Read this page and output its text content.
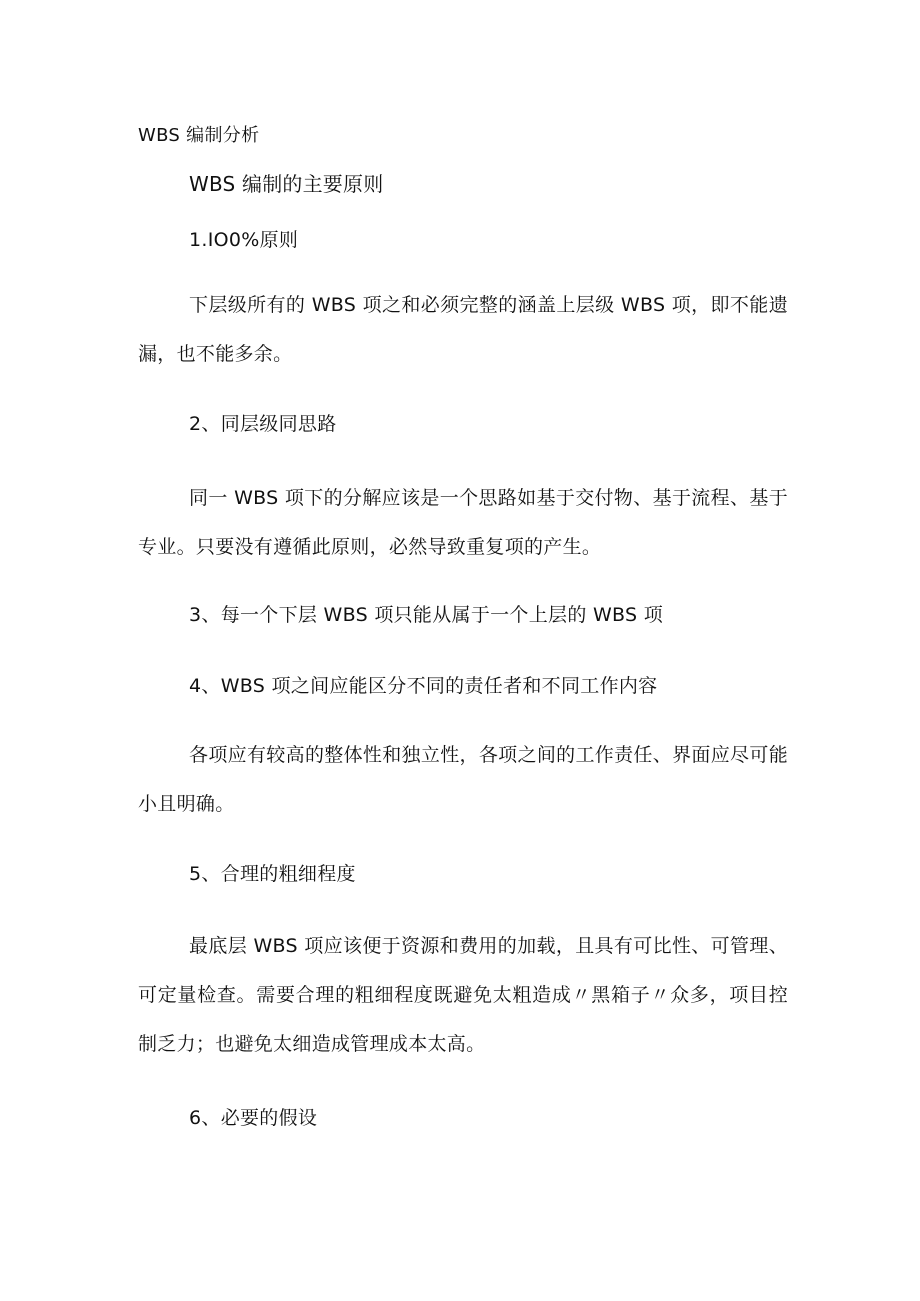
WBS 编制分析

WBS 编制的主要原则

1.IO0%原则

下层级所有的 WBS 项之和必须完整的涵盖上层级 WBS 项，即不能遗漏，也不能多余。

2、同层级同思路

同一 WBS 项下的分解应该是一个思路如基于交付物、基于流程、基于专业。只要没有遵循此原则，必然导致重复项的产生。

3、每一个下层 WBS 项只能从属于一个上层的 WBS 项

4、WBS 项之间应能区分不同的责任者和不同工作内容

各项应有较高的整体性和独立性，各项之间的工作责任、界面应尽可能小且明确。

5、合理的粗细程度

最底层 WBS 项应该便于资源和费用的加载，且具有可比性、可管理、可定量检查。需要合理的粗细程度既避免太粗造成〃黑箱子〃众多，项目控制乏力；也避免太细造成管理成本太高。

6、必要的假设
